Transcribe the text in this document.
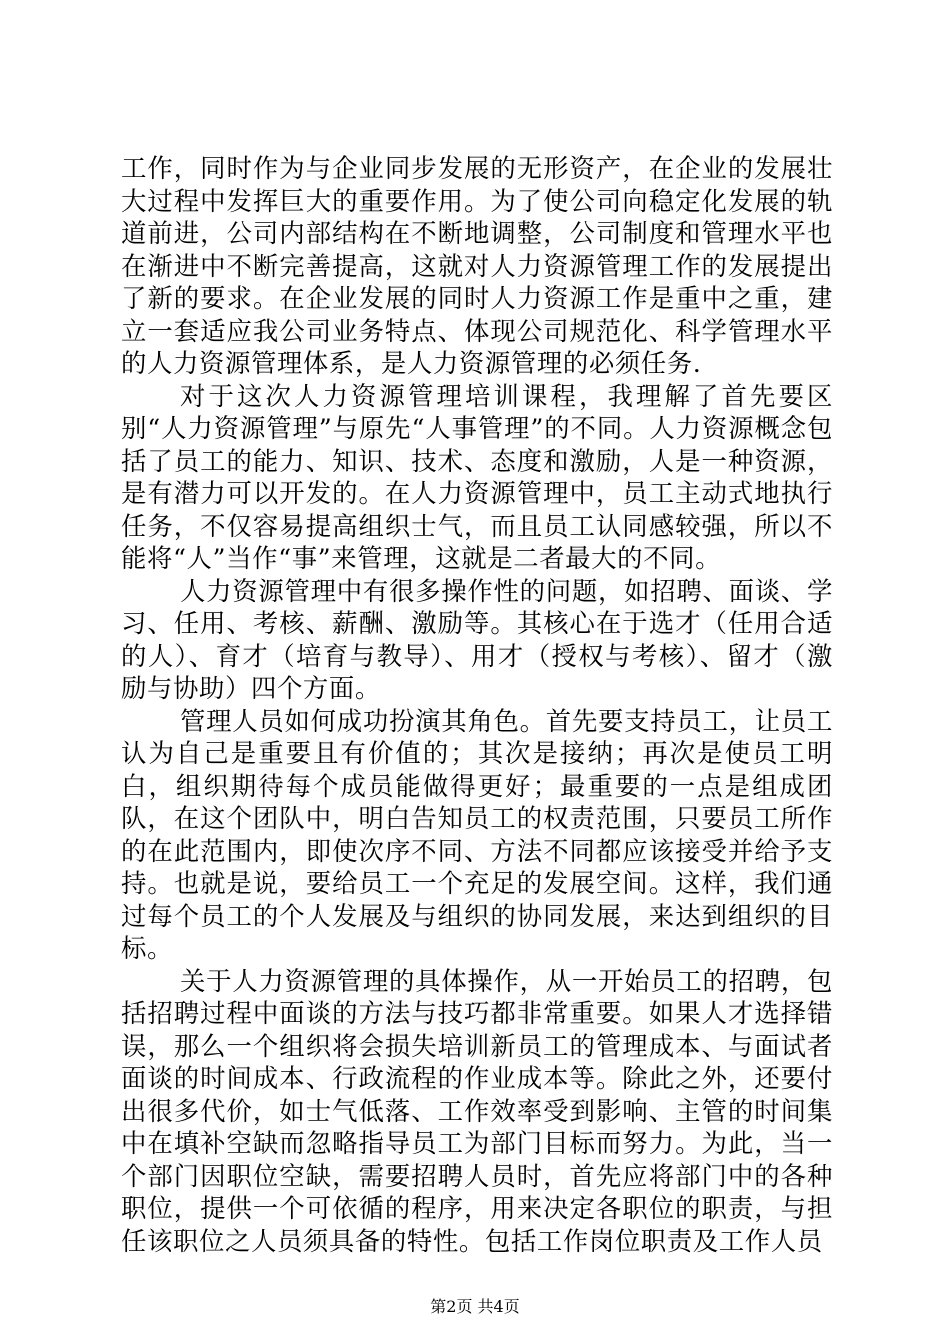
工作，同时作为与企业同步发展的无形资产，在企业的发展壮大过程中发挥巨大的重要作用。为了使公司向稳定化发展的轨道前进，公司内部结构在不断地调整，公司制度和管理水平也在渐进中不断完善提高，这就对人力资源管理工作的发展提出了新的要求。在企业发展的同时人力资源工作是重中之重，建立一套适应我公司业务特点、体现公司规范化、科学管理水平的人力资源管理体系，是人力资源管理的必须任务.

对于这次人力资源管理培训课程，我理解了首先要区别“人力资源管理”与原先“人事管理”的不同。人力资源概念包括了员工的能力、知识、技术、态度和激励，人是一种资源，是有潜力可以开发的。在人力资源管理中，员工主动式地执行任务，不仅容易提高组织士气，而且员工认同感较强，所以不能将“人”当作“事”来管理，这就是二者最大的不同。

人力资源管理中有很多操作性的问题，如招聘、面谈、学习、任用、考核、薪酬、激励等。其核心在于选才（任用合适的人）、育才（培育与教导）、用才（授权与考核）、留才（激励与协助）四个方面。

管理人员如何成功扮演其角色。首先要支持员工，让员工认为自己是重要且有价值的；其次是接纳；再次是使员工明白，组织期待每个成员能做得更好；最重要的一点是组成团队，在这个团队中，明白告知员工的权责范围，只要员工所作的在此范围内，即使次序不同、方法不同都应该接受并给予支持。也就是说，要给员工一个充足的发展空间。这样，我们通过每个员工的个人发展及与组织的协同发展，来达到组织的目标。

关于人力资源管理的具体操作，从一开始员工的招聘，包括招聘过程中面谈的方法与技巧都非常重要。如果人才选择错误，那么一个组织将会损失培训新员工的管理成本、与面试者面谈的时间成本、行政流程的作业成本等。除此之外，还要付出很多代价，如士气低落、工作效率受到影响、主管的时间集中在填补空缺而忽略指导员工为部门目标而努力。为此，当一个部门因职位空缺，需要招聘人员时，首先应将部门中的各种职位，提供一个可依循的程序，用来决定各职位的职责，与担任该职位之人员须具备的特性。包括工作岗位职责及工作人员

第2页 共4页
